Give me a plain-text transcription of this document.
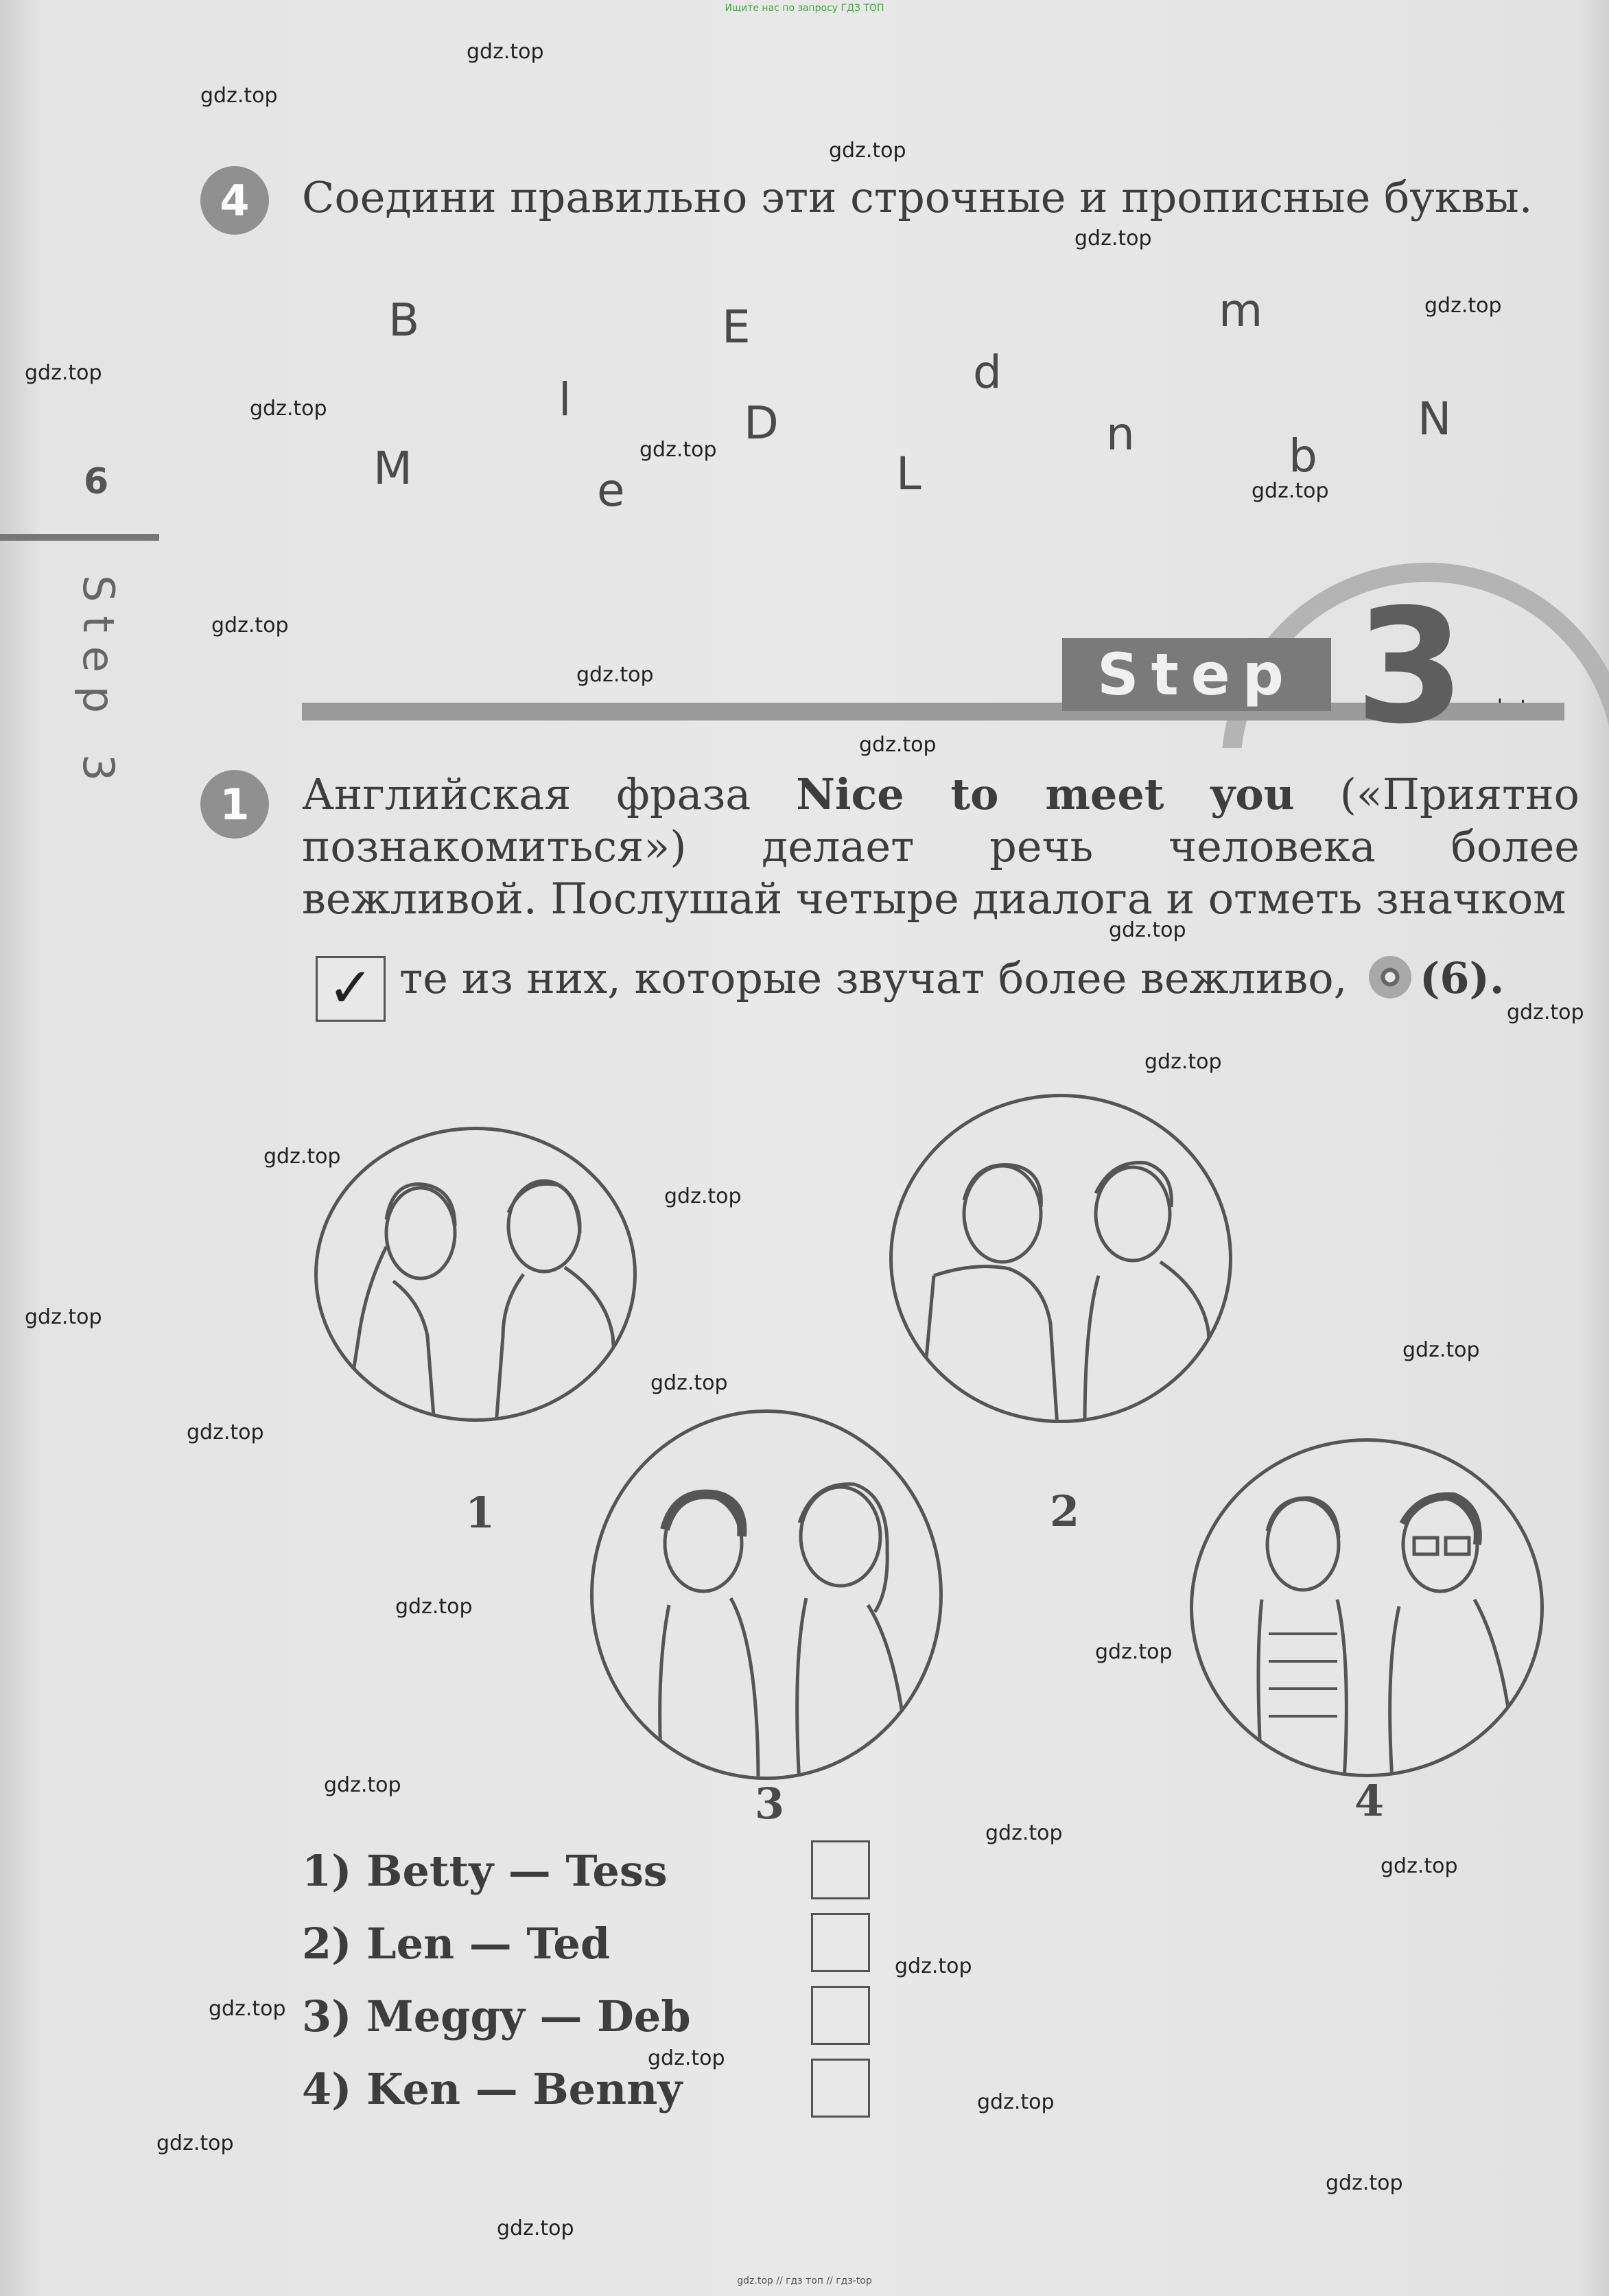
Ищите нас по запросу ГДЗ ТОП
gdz.top
gdz.top
gdz.top
gdz.top
gdz.top
gdz.top
gdz.top
gdz.top
gdz.top
gdz.top
gdz.top
gdz.top
gdz.top
gdz.top
gdz.top
gdz.top
gdz.top
gdz.top
gdz.top
gdz.top
gdz.top
gdz.top
gdz.top
gdz.top
gdz.top
gdz.top
gdz.top
gdz.top
gdz.top
gdz.top
gdz.top
gdz.top
gdz.top
6
Step 3
4	Соедини правильно эти строчные и прописные буквы.
B	E	m
d
l	D	n	N
M	e	L	b
Step 3
1	Английская фраза Nice to meet you («Приятно познакомиться») делает речь человека более вежливой. Послушай четыре диалога и отметь значком
✓ те из них, которые звучат более вежливо, (6).
1	2
3	4
1) Betty — Tess
2) Len — Ted
3) Meggy — Deb
4) Ken — Benny
gdz.top // гдз топ // гдз-top
